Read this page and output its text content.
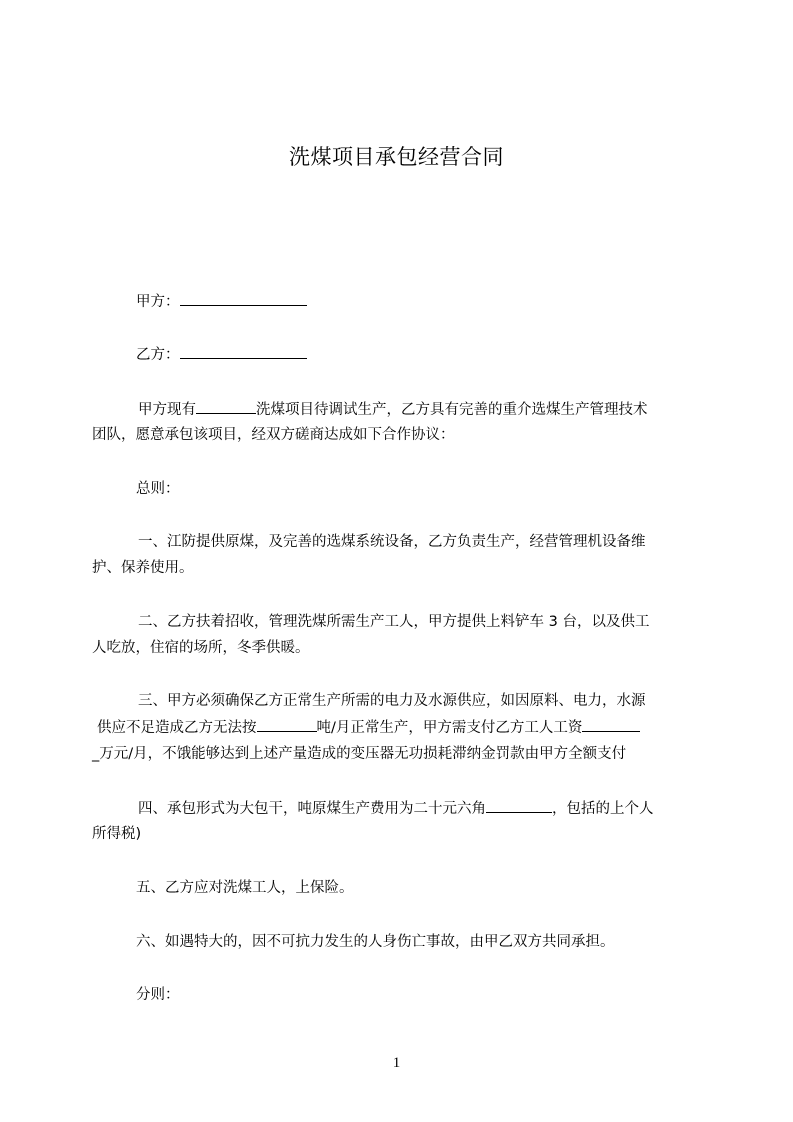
洗煤项目承包经营合同
甲方：
乙方：
甲方现有	洗煤项目待调试生产，乙方具有完善的重介选煤生产管理技术
团队，愿意承包该项目，经双方磋商达成如下合作协议：
总则：
一、江防提供原煤，及完善的选煤系统设备，乙方负责生产，经营管理机设备维
护、保养使用。
二、乙方扶着招收，管理洗煤所需生产工人，甲方提供上料铲车 3 台，以及供工
人吃放，住宿的场所，冬季供暖。
三、甲方必须确保乙方正常生产所需的电力及水源供应，如因原料、电力，水源
供应不足造成乙方无法按	吨/月正常生产，甲方需支付乙方工人工资
_万元/月，不饿能够达到上述产量造成的变压器无功损耗滞纳金罚款由甲方全额支付
四、承包形式为大包干，吨原煤生产费用为二十元六角	，包括的上个人
所得税)
五、乙方应对洗煤工人，上保险。
六、如遇特大的，因不可抗力发生的人身伤亡事故，由甲乙双方共同承担。
分则：
1
